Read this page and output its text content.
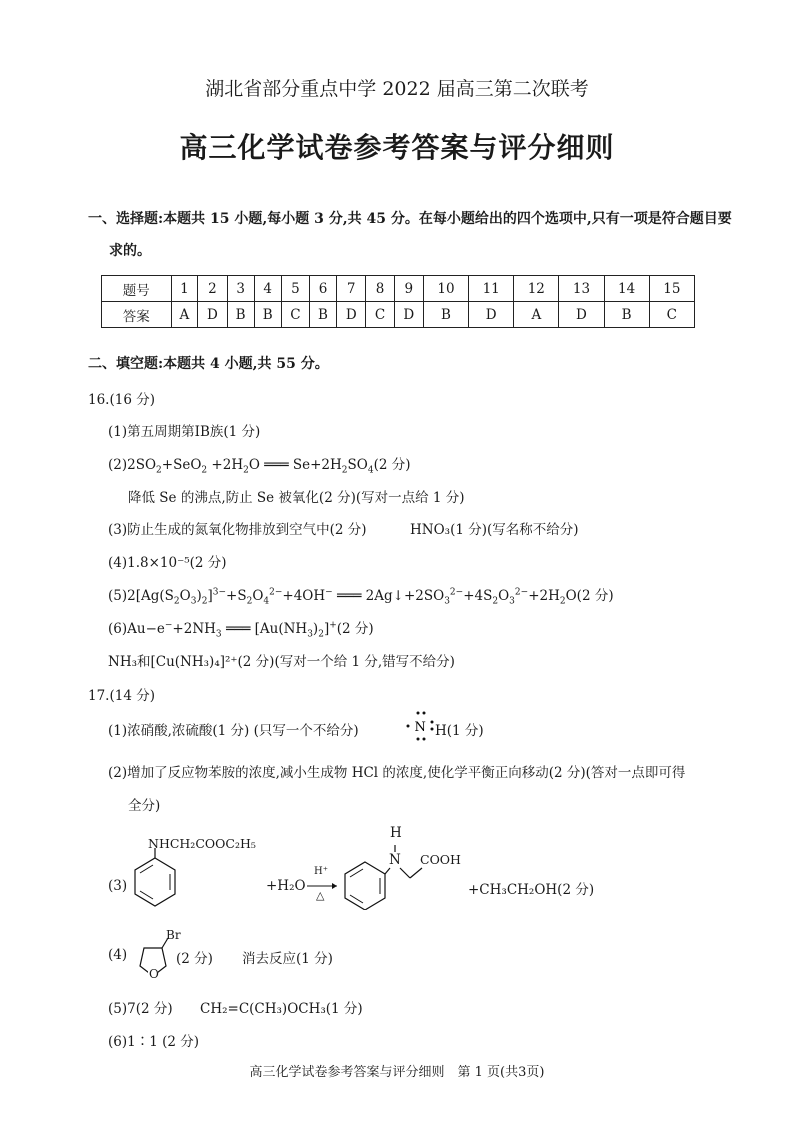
湖北省部分重点中学 2022 届高三第二次联考
高三化学试卷参考答案与评分细则
一、选择题:本题共 15 小题,每小题 3 分,共 45 分。在每小题给出的四个选项中,只有一项是符合题目要
求的。
题号	1	2	3	4	5	6	7	8	9	10	11	12	13	14	15
答案	A	D	B	B	C	B	D	C	D	B	D	A	D	B	C
二、填空题:本题共 4 小题,共 55 分。
16.(16 分)
(1)第五周期第ⅠB族(1 分)
$(2)2SO_2+SeO_2 +2H_2O$ ═══ $Se+2H_2SO_4(2$ 分)
降低 Se 的沸点,防止 Se 被氧化(2 分)(写对一点给 1 分)
(3)防止生成的氮氧化物排放到空气中(2 分)	HNO₃(1 分)(写名称不给分)
(4)1.8×10⁻⁵(2 分)
$(5)2[Ag(S_2O_3)_2]^{3-}+S_2O_4^{2-}+4OH^-$ ═══ $2Ag↓+2SO_3^{2-}+4S_2O_3^{2-}+2H_2O(2$ 分)
$(6)Au-e^-+2NH_3$ ═══ $[Au(NH_3)_2]^+(2$ 分)
NH₃和[Cu(NH₃)₄]²⁺(2 分)(写对一个给 1 分,错写不给分)
17.(14 分)
(1)浓硝酸,浓硫酸(1 分) (只写一个不给分)	N H(1 分)
(2)增加了反应物苯胺的浓度,减小生成物 HCl 的浓度,使化学平衡正向移动(2 分)(答对一点即可得
全分)
(3)
NHCH₂COOC₂H₅
+H₂O →
H⁺
△
H
N COOH
+CH₃CH₂OH(2 分)
(4)
Br
O
(2 分) 消去反应(1 分)
(5)7(2 分) CH₂=C(CH₃)OCH₃(1 分)
(6)1∶1 (2 分)
高三化学试卷参考答案与评分细则　第 1 页(共3页)
